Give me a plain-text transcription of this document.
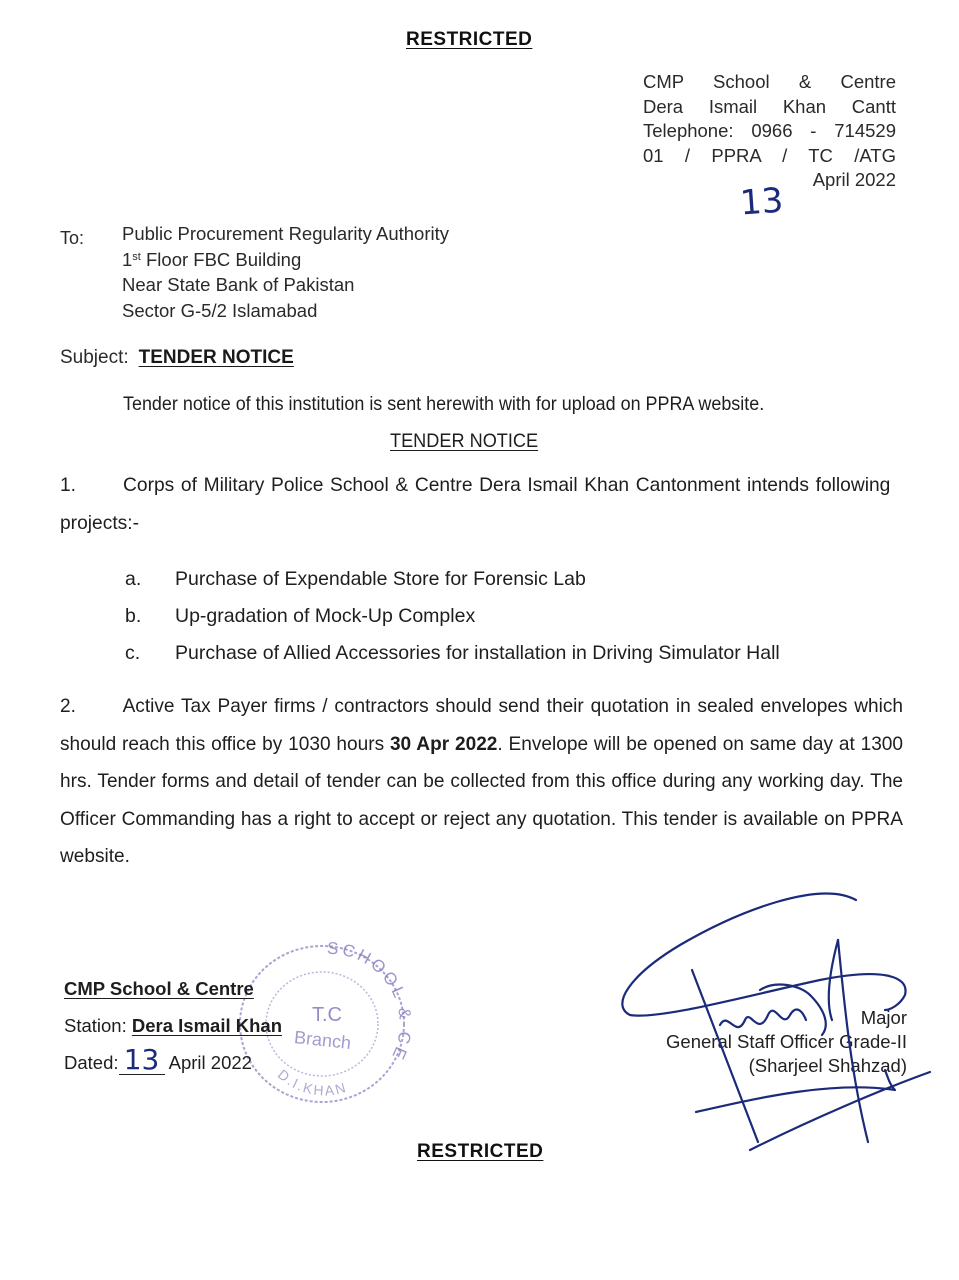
RESTRICTED
CMP School & Centre
Dera Ismail Khan Cantt
Telephone: 0966 - 714529
01 / PPRA / TC /ATG
April 2022
13
To: Public Procurement Regularity Authority
1st Floor FBC Building
Near State Bank of Pakistan
Sector G-5/2 Islamabad
Subject: TENDER NOTICE
Tender notice of this institution is sent herewith with for upload on PPRA website.
TENDER NOTICE
1. Corps of Military Police School & Centre Dera Ismail Khan Cantonment intends following projects:-
a. Purchase of Expendable Store for Forensic Lab
b. Up-gradation of Mock-Up Complex
c. Purchase of Allied Accessories for installation in Driving Simulator Hall
2. Active Tax Payer firms / contractors should send their quotation in sealed envelopes which should reach this office by 1030 hours 30 Apr 2022. Envelope will be opened on same day at 1300 hrs. Tender forms and detail of tender can be collected from this office during any working day. The Officer Commanding has a right to accept or reject any quotation. This tender is available on PPRA website.
SCHOOL & CENTRE
D.I.KHAN
T.C
Branch
CMP School & Centre
Station: Dera Ismail Khan
Dated: 13 April 2022
Major
General Staff Officer Grade-II
(Sharjeel Shahzad)
RESTRICTED
